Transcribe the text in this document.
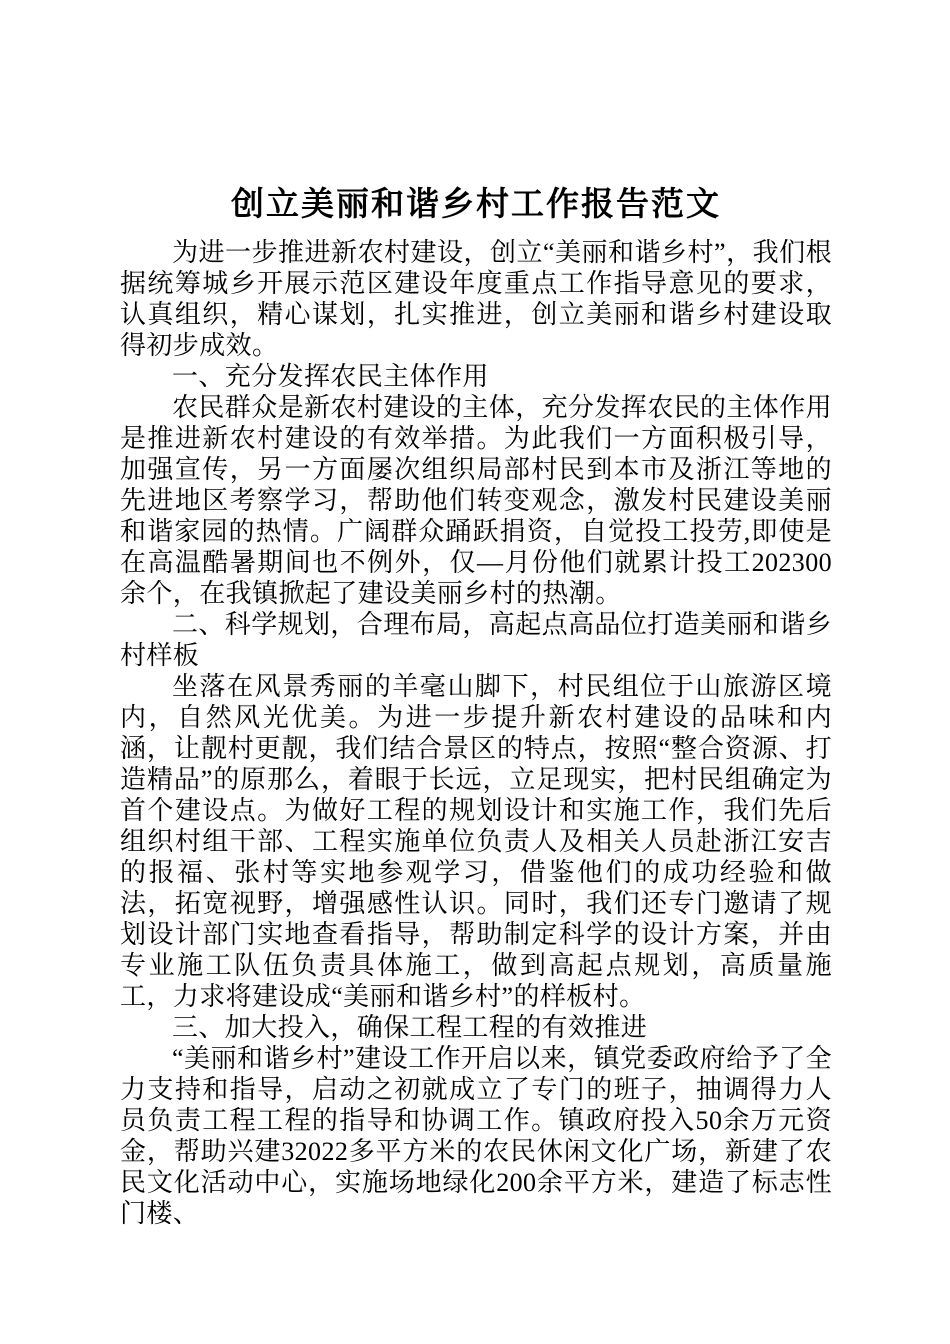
创立美丽和谐乡村工作报告范文

为进一步推进新农村建设，创立“美丽和谐乡村”，我们根据统筹城乡开展示范区建设年度重点工作指导意见的要求，认真组织，精心谋划，扎实推进，创立美丽和谐乡村建设取得初步成效。

一、充分发挥农民主体作用

农民群众是新农村建设的主体，充分发挥农民的主体作用是推进新农村建设的有效举措。为此我们一方面积极引导，加强宣传，另一方面屡次组织局部村民到本市及浙江等地的先进地区考察学习，帮助他们转变观念，激发村民建设美丽和谐家园的热情。广阔群众踊跃捐资，自觉投工投劳,即使是在高温酷暑期间也不例外，仅—月份他们就累计投工202300余个，在我镇掀起了建设美丽乡村的热潮。

二、科学规划，合理布局，高起点高品位打造美丽和谐乡村样板

坐落在风景秀丽的羊毫山脚下，村民组位于山旅游区境内，自然风光优美。为进一步提升新农村建设的品味和内涵，让靓村更靓，我们结合景区的特点，按照“整合资源、打造精品”的原那么，着眼于长远，立足现实，把村民组确定为首个建设点。为做好工程的规划设计和实施工作，我们先后组织村组干部、工程实施单位负责人及相关人员赴浙江安吉的报福、张村等实地参观学习，借鉴他们的成功经验和做法，拓宽视野，增强感性认识。同时，我们还专门邀请了规划设计部门实地查看指导，帮助制定科学的设计方案，并由专业施工队伍负责具体施工，做到高起点规划，高质量施工，力求将建设成“美丽和谐乡村”的样板村。

三、加大投入，确保工程工程的有效推进

“美丽和谐乡村”建设工作开启以来，镇党委政府给予了全力支持和指导，启动之初就成立了专门的班子，抽调得力人员负责工程工程的指导和协调工作。镇政府投入50余万元资金，帮助兴建32022多平方米的农民休闲文化广场，新建了农民文化活动中心，实施场地绿化200余平方米，建造了标志性门楼、
